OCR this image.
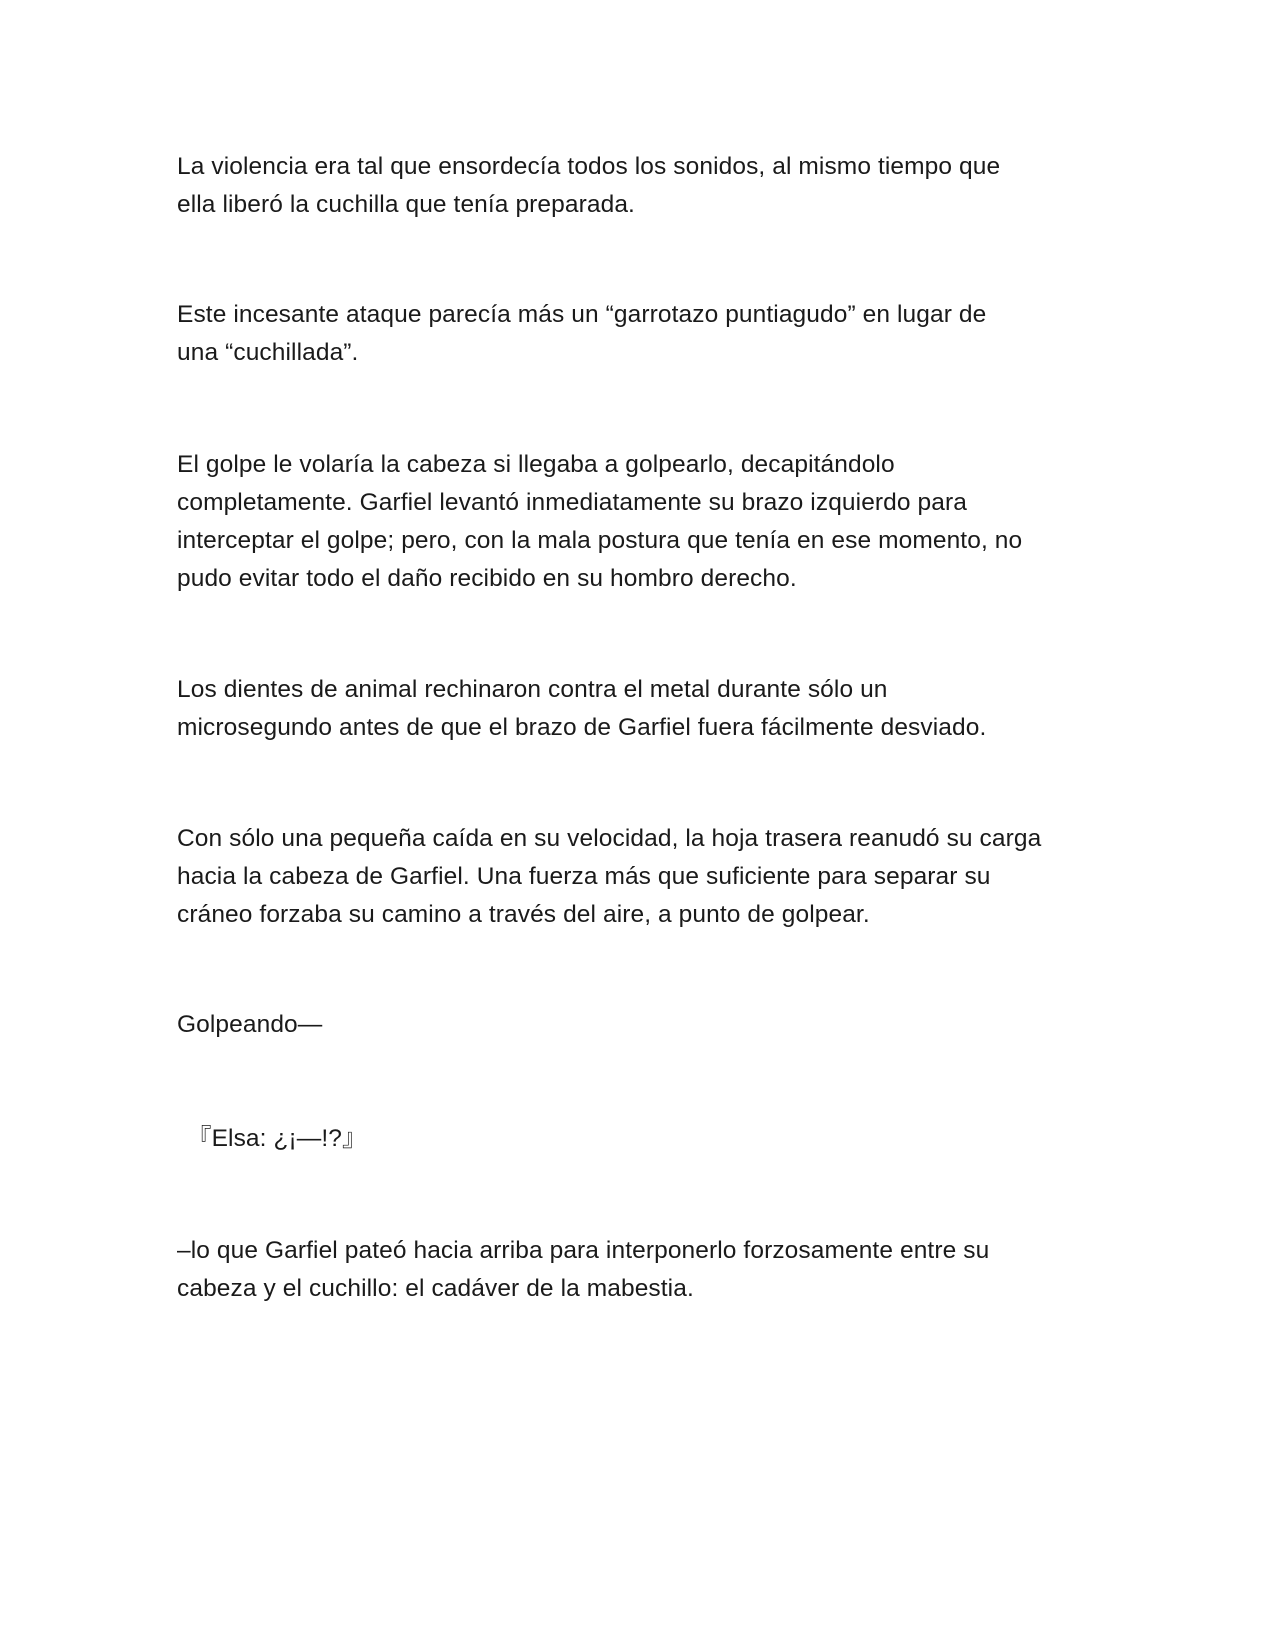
La violencia era tal que ensordecía todos los sonidos, al mismo tiempo que
ella liberó la cuchilla que tenía preparada.

Este incesante ataque parecía más un “garrotazo puntiagudo” en lugar de
una “cuchillada”.

El golpe le volaría la cabeza si llegaba a golpearlo, decapitándolo
completamente. Garfiel levantó inmediatamente su brazo izquierdo para
interceptar el golpe; pero, con la mala postura que tenía en ese momento, no
pudo evitar todo el daño recibido en su hombro derecho.

Los dientes de animal rechinaron contra el metal durante sólo un
microsegundo antes de que el brazo de Garfiel fuera fácilmente desviado.

Con sólo una pequeña caída en su velocidad, la hoja trasera reanudó su carga
hacia la cabeza de Garfiel. Una fuerza más que suficiente para separar su
cráneo forzaba su camino a través del aire, a punto de golpear.

Golpeando—

『Elsa: ¿¡—!?』

–lo que Garfiel pateó hacia arriba para interponerlo forzosamente entre su
cabeza y el cuchillo: el cadáver de la mabestia.
